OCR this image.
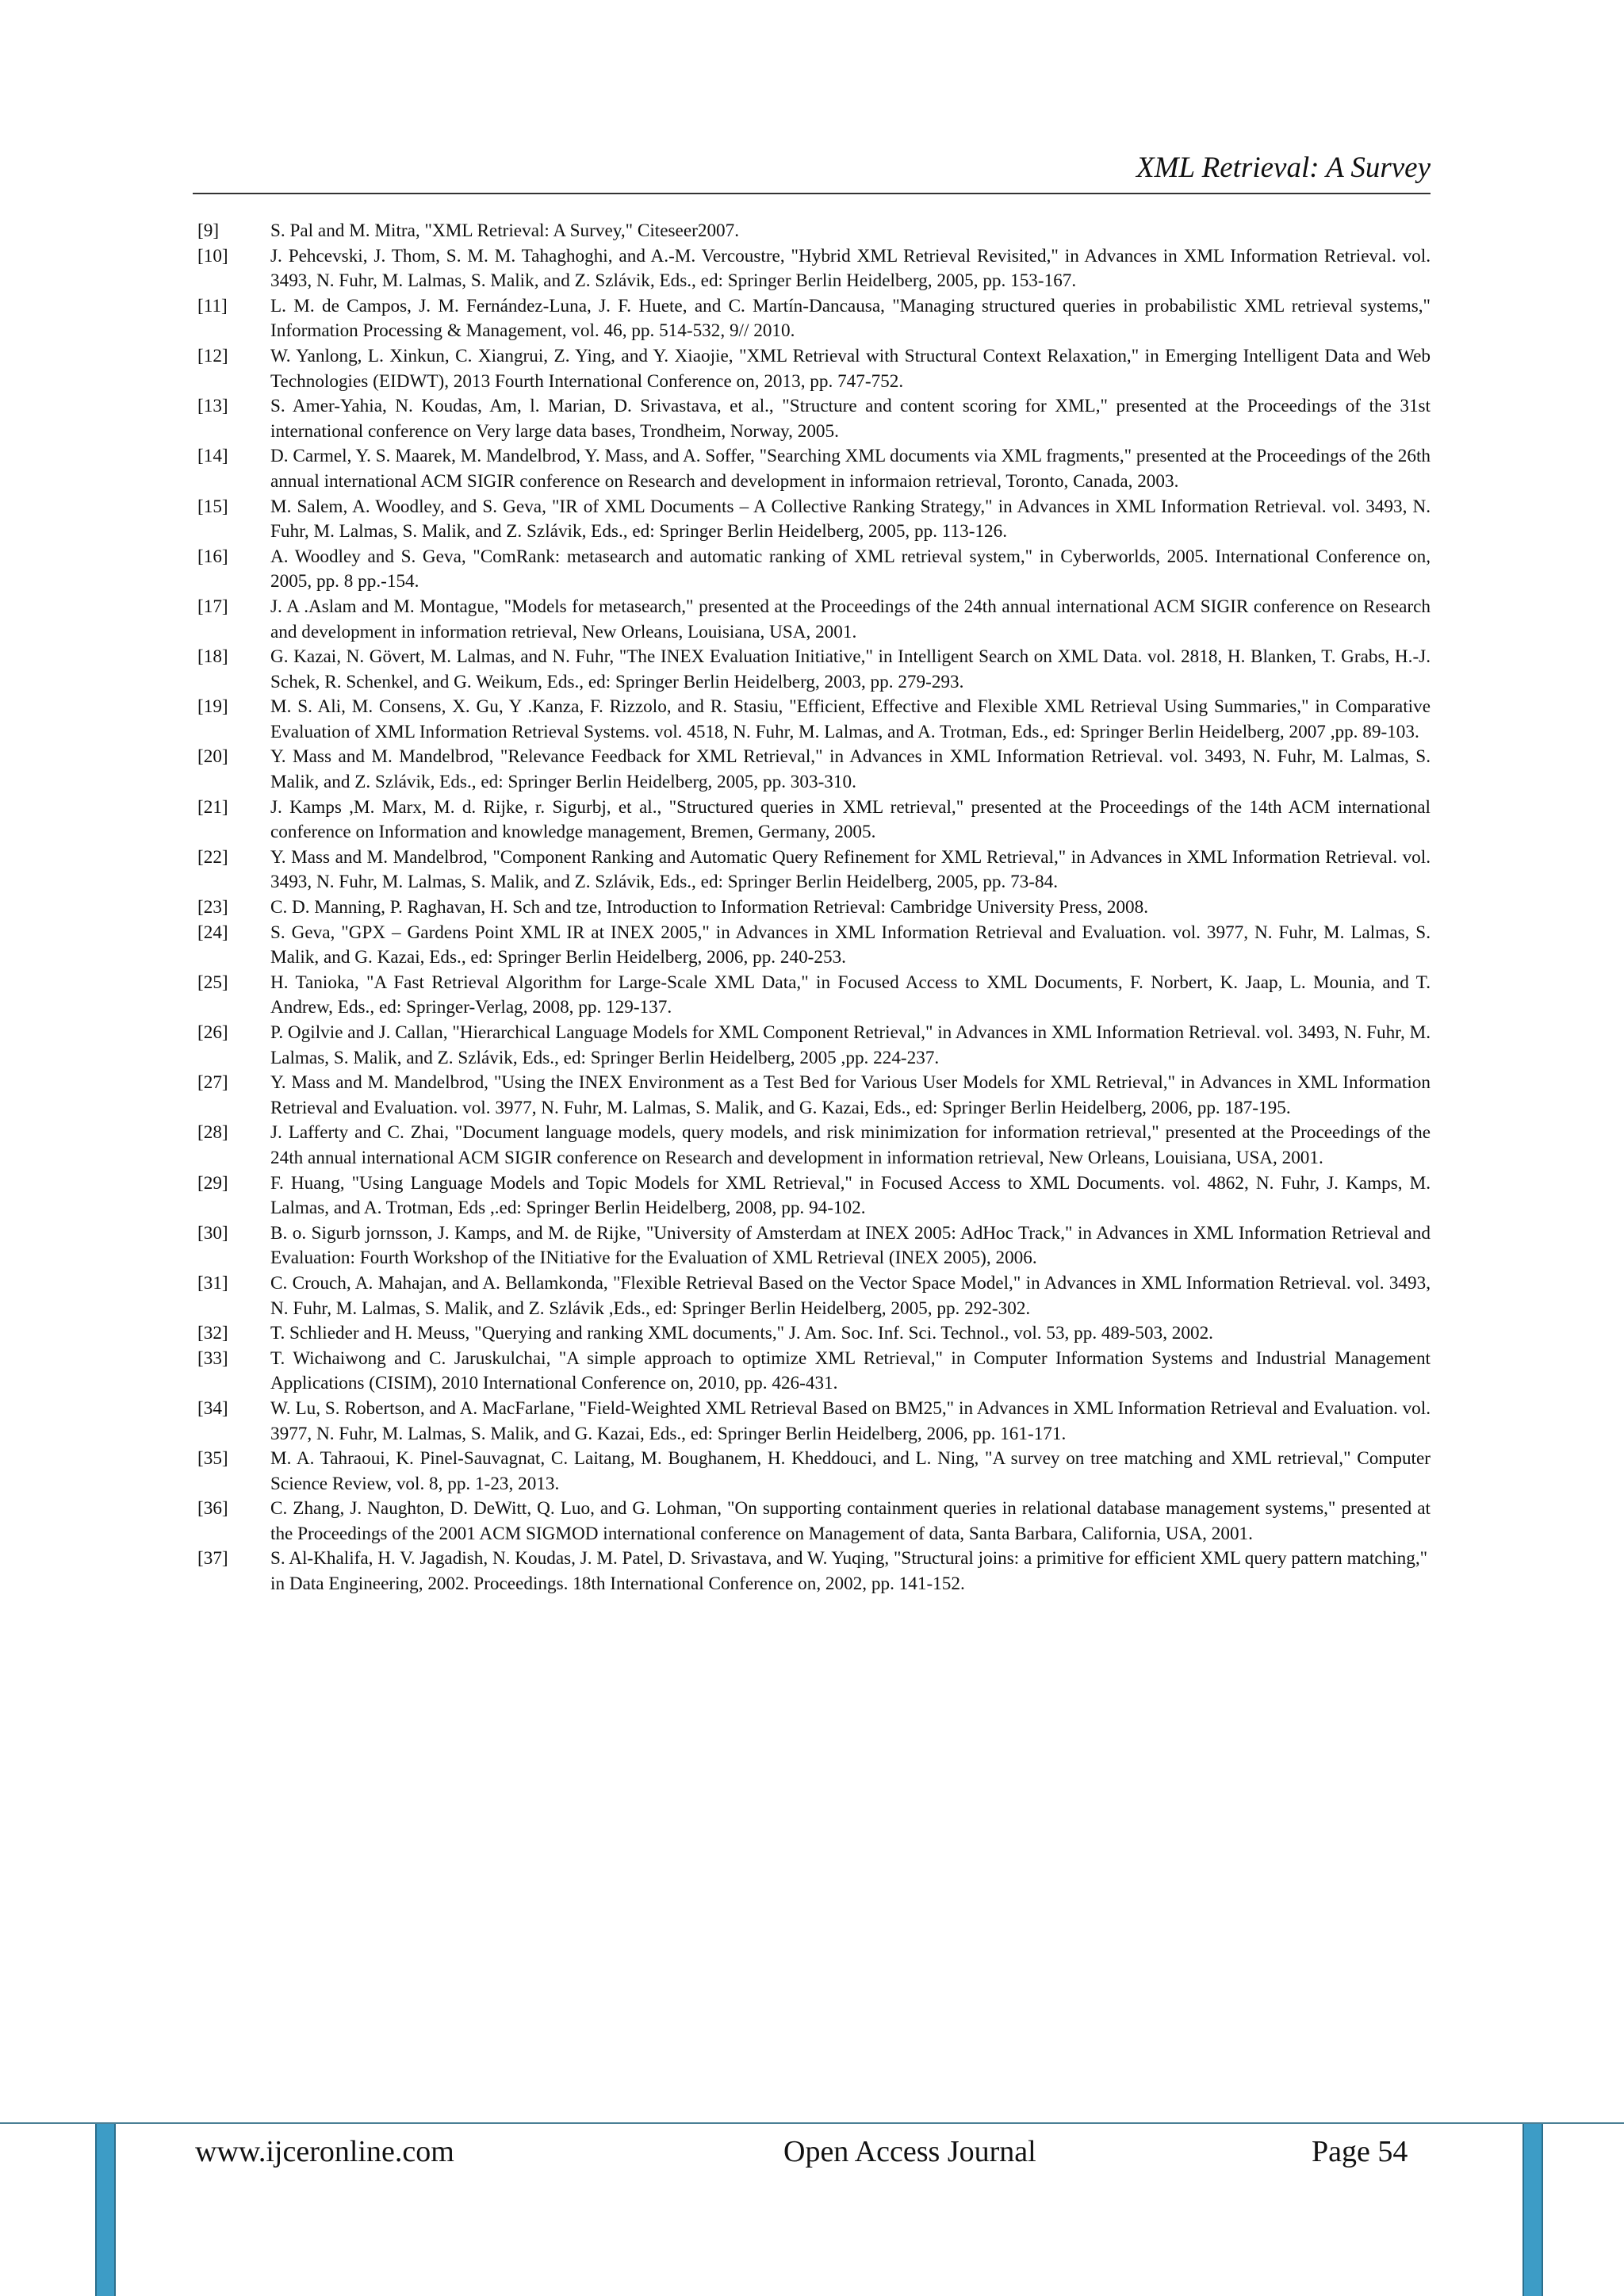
XML Retrieval: A Survey
[9]	S. Pal and M. Mitra, "XML Retrieval: A Survey," Citeseer2007.
[10]	J. Pehcevski, J. Thom, S. M. M. Tahaghoghi, and A.-M. Vercoustre, "Hybrid XML Retrieval Revisited," in Advances in XML Information Retrieval. vol. 3493, N. Fuhr, M. Lalmas, S. Malik, and Z. Szlávik, Eds., ed: Springer Berlin Heidelberg, 2005, pp. 153-167.
[11]	L. M. de Campos, J. M. Fernández-Luna, J. F. Huete, and C. Martín-Dancausa, "Managing structured queries in probabilistic XML retrieval systems," Information Processing & Management, vol. 46, pp. 514-532, 9// 2010.
[12]	W. Yanlong, L. Xinkun, C. Xiangrui, Z. Ying, and Y. Xiaojie, "XML Retrieval with Structural Context Relaxation," in Emerging Intelligent Data and Web Technologies (EIDWT), 2013 Fourth International Conference on, 2013, pp. 747-752.
[13]	S. Amer-Yahia, N. Koudas, Am, l. Marian, D. Srivastava, et al., "Structure and content scoring for XML," presented at the Proceedings of the 31st international conference on Very large data bases, Trondheim, Norway, 2005.
[14]	D. Carmel, Y. S. Maarek, M. Mandelbrod, Y. Mass, and A. Soffer, "Searching XML documents via XML fragments," presented at the Proceedings of the 26th annual international ACM SIGIR conference on Research and development in informaion retrieval, Toronto, Canada, 2003.
[15]	M. Salem, A. Woodley, and S. Geva, "IR of XML Documents – A Collective Ranking Strategy," in Advances in XML Information Retrieval. vol. 3493, N. Fuhr, M. Lalmas, S. Malik, and Z. Szlávik, Eds., ed: Springer Berlin Heidelberg, 2005, pp. 113-126.
[16]	A. Woodley and S. Geva, "ComRank: metasearch and automatic ranking of XML retrieval system," in Cyberworlds, 2005. International Conference on, 2005, pp. 8 pp.-154.
[17]	J. A .Aslam and M. Montague, "Models for metasearch," presented at the Proceedings of the 24th annual international ACM SIGIR conference on Research and development in information retrieval, New Orleans, Louisiana, USA, 2001.
[18]	G. Kazai, N. Gövert, M. Lalmas, and N. Fuhr, "The INEX Evaluation Initiative," in Intelligent Search on XML Data. vol. 2818, H. Blanken, T. Grabs, H.-J. Schek, R. Schenkel, and G. Weikum, Eds., ed: Springer Berlin Heidelberg, 2003, pp. 279-293.
[19]	M. S. Ali, M. Consens, X. Gu, Y .Kanza, F. Rizzolo, and R. Stasiu, "Efficient, Effective and Flexible XML Retrieval Using Summaries," in Comparative Evaluation of XML Information Retrieval Systems. vol. 4518, N. Fuhr, M. Lalmas, and A. Trotman, Eds., ed: Springer Berlin Heidelberg, 2007 ,pp. 89-103.
[20]	Y. Mass and M. Mandelbrod, "Relevance Feedback for XML Retrieval," in Advances in XML Information Retrieval. vol. 3493, N. Fuhr, M. Lalmas, S. Malik, and Z. Szlávik, Eds., ed: Springer Berlin Heidelberg, 2005, pp. 303-310.
[21]	J. Kamps ,M. Marx, M. d. Rijke, r. Sigurbj, et al., "Structured queries in XML retrieval," presented at the Proceedings of the 14th ACM international conference on Information and knowledge management, Bremen, Germany, 2005.
[22]	Y. Mass and M. Mandelbrod, "Component Ranking and Automatic Query Refinement for XML Retrieval," in Advances in XML Information Retrieval. vol. 3493, N. Fuhr, M. Lalmas, S. Malik, and Z. Szlávik, Eds., ed: Springer Berlin Heidelberg, 2005, pp. 73-84.
[23]	C. D. Manning, P. Raghavan, H. Sch and tze, Introduction to Information Retrieval: Cambridge University Press, 2008.
[24]	S. Geva, "GPX – Gardens Point XML IR at INEX 2005," in Advances in XML Information Retrieval and Evaluation. vol. 3977, N. Fuhr, M. Lalmas, S. Malik, and G. Kazai, Eds., ed: Springer Berlin Heidelberg, 2006, pp. 240-253.
[25]	H. Tanioka, "A Fast Retrieval Algorithm for Large-Scale XML Data," in Focused Access to XML Documents, F. Norbert, K. Jaap, L. Mounia, and T. Andrew, Eds., ed: Springer-Verlag, 2008, pp. 129-137.
[26]	P. Ogilvie and J. Callan, "Hierarchical Language Models for XML Component Retrieval," in Advances in XML Information Retrieval. vol. 3493, N. Fuhr, M. Lalmas, S. Malik, and Z. Szlávik, Eds., ed: Springer Berlin Heidelberg, 2005 ,pp. 224-237.
[27]	Y. Mass and M. Mandelbrod, "Using the INEX Environment as a Test Bed for Various User Models for XML Retrieval," in Advances in XML Information Retrieval and Evaluation. vol. 3977, N. Fuhr, M. Lalmas, S. Malik, and G. Kazai, Eds., ed: Springer Berlin Heidelberg, 2006, pp. 187-195.
[28]	J. Lafferty and C. Zhai, "Document language models, query models, and risk minimization for information retrieval," presented at the Proceedings of the 24th annual international ACM SIGIR conference on Research and development in information retrieval, New Orleans, Louisiana, USA, 2001.
[29]	F. Huang, "Using Language Models and Topic Models for XML Retrieval," in Focused Access to XML Documents. vol. 4862, N. Fuhr, J. Kamps, M. Lalmas, and A. Trotman, Eds ,.ed: Springer Berlin Heidelberg, 2008, pp. 94-102.
[30]	B. o. Sigurb jornsson, J. Kamps, and M. de Rijke, "University of Amsterdam at INEX 2005: AdHoc Track," in Advances in XML Information Retrieval and Evaluation: Fourth Workshop of the INitiative for the Evaluation of XML Retrieval (INEX 2005), 2006.
[31]	C. Crouch, A. Mahajan, and A. Bellamkonda, "Flexible Retrieval Based on the Vector Space Model," in Advances in XML Information Retrieval. vol. 3493, N. Fuhr, M. Lalmas, S. Malik, and Z. Szlávik ,Eds., ed: Springer Berlin Heidelberg, 2005, pp. 292-302.
[32]	T. Schlieder and H. Meuss, "Querying and ranking XML documents," J. Am. Soc. Inf. Sci. Technol., vol. 53, pp. 489-503, 2002.
[33]	T. Wichaiwong and C. Jaruskulchai, "A simple approach to optimize XML Retrieval," in Computer Information Systems and Industrial Management Applications (CISIM), 2010 International Conference on, 2010, pp. 426-431.
[34]	W. Lu, S. Robertson, and A. MacFarlane, "Field-Weighted XML Retrieval Based on BM25," in Advances in XML Information Retrieval and Evaluation. vol. 3977, N. Fuhr, M. Lalmas, S. Malik, and G. Kazai, Eds., ed: Springer Berlin Heidelberg, 2006, pp. 161-171.
[35]	M. A. Tahraoui, K. Pinel-Sauvagnat, C. Laitang, M. Boughanem, H. Kheddouci, and L. Ning, "A survey on tree matching and XML retrieval," Computer Science Review, vol. 8, pp. 1-23, 2013.
[36]	C. Zhang, J. Naughton, D. DeWitt, Q. Luo, and G. Lohman, "On supporting containment queries in relational database management systems," presented at the Proceedings of the 2001 ACM SIGMOD international conference on Management of data, Santa Barbara, California, USA, 2001.
[37]	S. Al-Khalifa, H. V. Jagadish, N. Koudas, J. M. Patel, D. Srivastava, and W. Yuqing, "Structural joins: a primitive for efficient XML query pattern matching," in Data Engineering, 2002. Proceedings. 18th International Conference on, 2002, pp. 141-152.
www.ijceronline.com	Open Access Journal	Page 54
